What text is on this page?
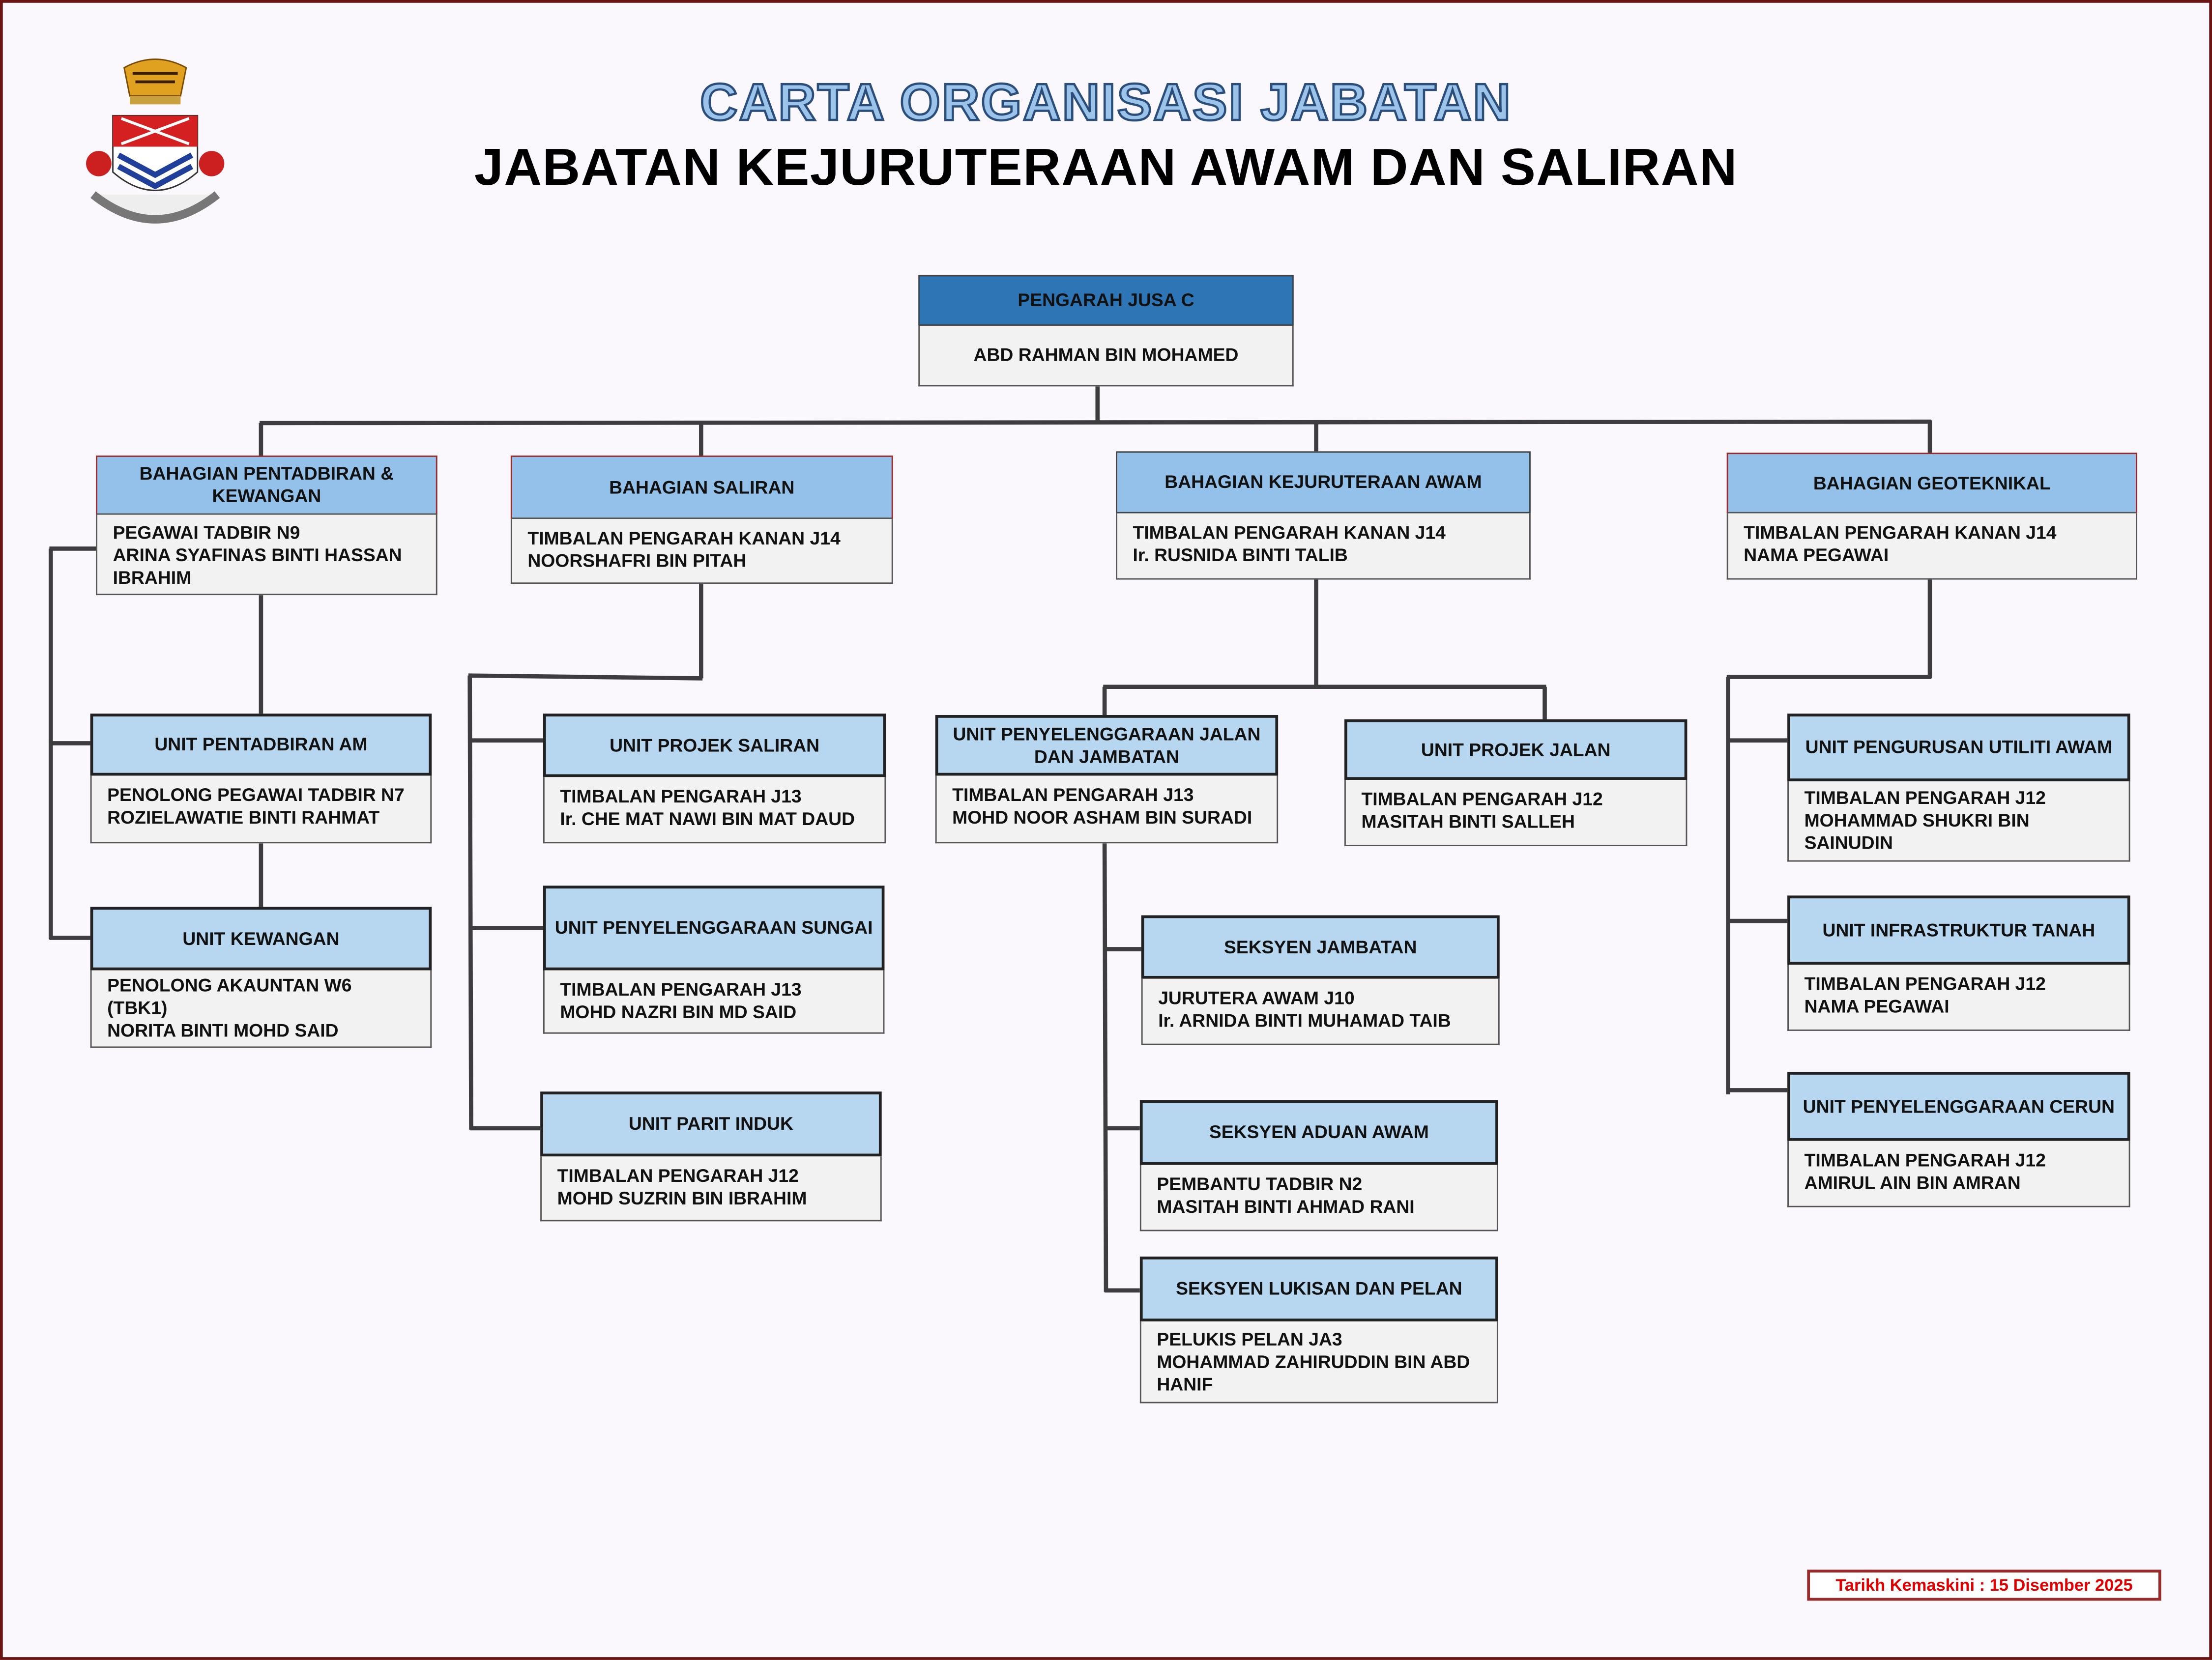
CARTA ORGANISASI JABATAN
JABATAN KEJURUTERAAN AWAM DAN SALIRAN
PENGARAH JUSA C
ABD RAHMAN BIN MOHAMED
BAHAGIAN PENTADBIRAN & KEWANGAN
PEGAWAI TADBIR N9
ARINA SYAFINAS BINTI HASSAN IBRAHIM
BAHAGIAN SALIRAN
TIMBALAN PENGARAH KANAN J14
NOORSHAFRI BIN PITAH
BAHAGIAN KEJURUTERAAN AWAM
TIMBALAN PENGARAH KANAN J14
Ir. RUSNIDA BINTI TALIB
BAHAGIAN GEOTEKNIKAL
TIMBALAN PENGARAH KANAN J14
NAMA PEGAWAI
UNIT PENTADBIRAN AM
PENOLONG PEGAWAI TADBIR N7
ROZIELAWATIE BINTI RAHMAT
UNIT KEWANGAN
PENOLONG AKAUNTAN W6 (TBK1)
NORITA BINTI MOHD SAID
UNIT PROJEK SALIRAN
TIMBALAN PENGARAH J13
Ir. CHE MAT NAWI BIN MAT DAUD
UNIT PENYELENGGARAAN SUNGAI
TIMBALAN PENGARAH J13
MOHD NAZRI BIN MD SAID
UNIT PARIT INDUK
TIMBALAN PENGARAH J12
MOHD SUZRIN BIN IBRAHIM
UNIT PENYELENGGARAAN JALAN DAN JAMBATAN
TIMBALAN PENGARAH J13
MOHD NOOR ASHAM BIN SURADI
UNIT PROJEK JALAN
TIMBALAN PENGARAH J12
MASITAH BINTI SALLEH
SEKSYEN JAMBATAN
JURUTERA AWAM J10
Ir. ARNIDA BINTI MUHAMAD TAIB
SEKSYEN ADUAN AWAM
PEMBANTU TADBIR N2
MASITAH BINTI AHMAD RANI
SEKSYEN LUKISAN DAN PELAN
PELUKIS PELAN JA3
MOHAMMAD ZAHIRUDDIN BIN ABD HANIF
UNIT PENGURUSAN UTILITI AWAM
TIMBALAN PENGARAH J12
MOHAMMAD SHUKRI BIN SAINUDIN
UNIT INFRASTRUKTUR TANAH
TIMBALAN PENGARAH J12
NAMA PEGAWAI
UNIT PENYELENGGARAAN CERUN
TIMBALAN PENGARAH J12
AMIRUL AIN BIN AMRAN
Tarikh Kemaskini : 15 Disember 2025
